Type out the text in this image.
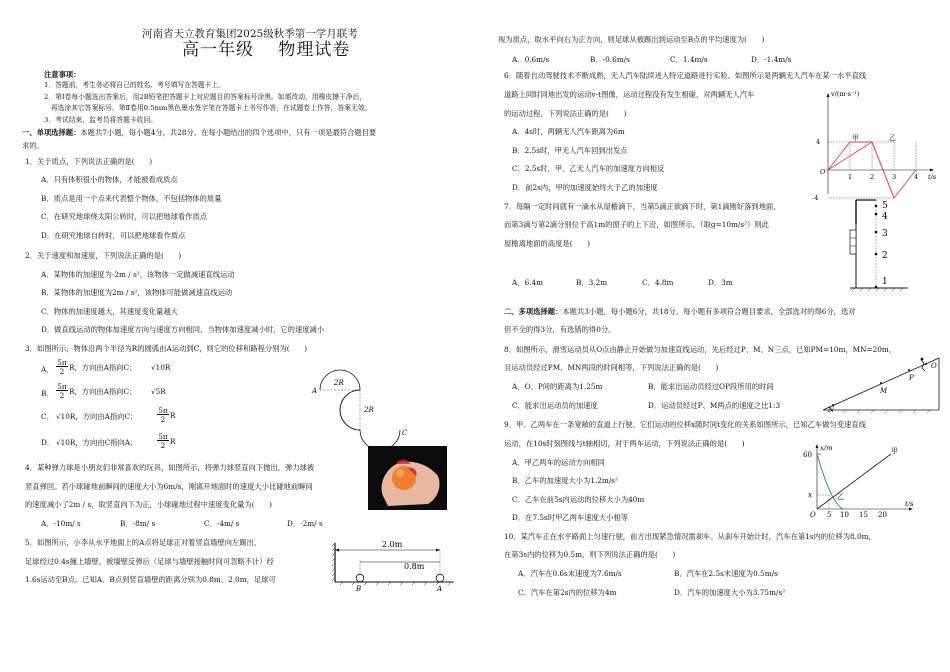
河南省天立教育集团2025级秋季第一学月联考
高一年级　 物理试卷
注意事项：
1．答题前，考生务必将自己的姓名、考号填写在答题卡上。
2．第Ⅰ卷每小题选出答案后，用2B铅笔把答题卡上对应题目的答案标号涂黑。如需改动，用橡皮擦干净后，
　再选涂其它答案标号。第Ⅱ卷用0.5mm黑色墨水签字笔在答题卡上书写作答，在试题卷上作答，答案无效。
3．考试结束，监考员将答题卡收回。
一、单项选择题：本题共7小题，每小题4分，共28分。在每小题给出的四个选项中，只有一项是最符合题目要
求的。
1．关于质点，下列说法正确的是(　　)
A．只有体积很小的物体，才能被看成质点
B．质点是用一个点来代表整个物体，不包括物体的质量
C．在研究地球绕太阳公转时，可以把地球看作质点
D．在研究地球自转时，可以把地球看作质点
2．关于速度和加速度，下列说法正确的是(　　)
A．某物体的加速度为-2m / s²，该物体一定做减速直线运动
B．某物体的加速度为2m / s²，该物体可能做减速直线运动
C．物体的加速度越大，其速度变化量越大
D．做直线运动的物体加速度方向与速度方向相同，当物体加速度减小时，它的速度减小
3．如图所示，物体沿两个半径为R的圆弧由A运动到C，则它的位移和路程分别为(　　)
A．
5π
2 R，方向由A指向C； √10R
B．
5π
2 R，方向由A指向C； √5R
C． √10R，方向由A指向C；
5π
2 R
D． √10R，方向由C指向A；
5π
2 R
2R
2R
A
C
4．某种弹力球是小朋友们非常喜欢的玩具，如图所示，将弹力球竖直向下抛出，弹力球被
竖直弹回。若小球碰地前瞬间的速度大小为6m/s，刚离开地面时的速度大小比碰地前瞬间
的速度减小了2m / s，取竖直向下为正，小球碰地过程中速度变化量为(　　)
A．-10m/ s	B．-8m/ s	C．-4m/ s	D．-2m/ s
5．如图所示，小李从水平地面上的A点将足球正对着竖直墙壁向左踢出，
足球经过0.4s撞上墙壁，被墙壁反弹后（足球与墙壁接触时间可忽略不计）经
1.6s运动至B点。已知A、B点到竖直墙壁的距离分别为0.8m、2.0m，足球可
2.0m
0.8m
B	A
视为质点，取水平向右为正方向，则足球从被踢出到运动至B点的平均速度为(　　)
A．0.6m/s	B．-0.6m/s	C．1.4m/s	D．-1.4m/s
6．随着自动驾驶技术不断成熟，无人汽车陆续进入特定道路进行实验。如图所示是两辆无人汽车在某一水平直线
道路上同时同地出发的运动v-t图像，运动过程没有发生相碰，对两辆无人汽车
的运动过程，下列说法正确的是(　　)
A．4s时，两辆无人汽车距离为6m
B．2.5s时，甲无人汽车回到出发点
C．2.5s时，甲、乙无人汽车的加速度方向相反
D．前2s内，甲的加速度始终大于乙的加速度
v/(m·s⁻¹)
t/s
O
1	2	3	4
4
-4
甲	乙
7．每隔一定时间就有一滴水从屋檐滴下，当第5滴正欲滴下时，第1滴刚好落到地面，
而第3滴与第2滴分别位于高1m的窗子的上下沿，如图所示，（取g=10m/s²）则此
屋檐离地面的高度是(　　)
A．6.4m	B．3.2m	C．4.8m	D．3m
5
4
3
2
1
二、多项选择题：本题共3小题，每小题6分，共18分。每小题有多项符合题目要求，全部选对的得6分，选对
但不全的得3分，有选错的得0分。
8．如图所示，滑雪运动员从O点由静止开始做匀加速直线运动，先后经过P、M、N三点，已知PM=10m，MN=20m，
且运动员经过PM、MN两段的时间相等，下列说法正确的是(　　)
A．O、P间的距离为1.25m	B．能求出运动员经过OP段所用的时间
C．能求出运动员的加速度	D．运动员经过P、M两点的速度之比1:3
O
P
M
N
9．甲、乙两车在一条宽敞的直道上行驶，它们运动的位移x随时间t变化的关系如图所示，已知乙车做匀变速直线
运动，在10s时刻图线与t轴相切，对于两车运动，下列说法正确的是(　　)
A．甲乙两车的运动方向相同
B．乙车的加速度大小为1.2m/s²
C．乙车在前5s内运动的位移大小为40m
D．在7.5s时甲乙两车速度大小相等
x/m
t/s
60
x
O 5 10 15 20
甲
乙
10．某汽车正在水平路面上匀速行驶，前方出现紧急情况需刹车。从刹车开始计时，汽车在第1s内的位移为8.0m，
在第3s内的位移为0.5m，则下列说法正确的是(　　)
A．汽车在0.6s末速度为7.6m/s	B．汽车在2.5s末速度为0.5m/s
C．汽车在第2s内的位移为4m	D．汽车的加速度大小为3.75m/s²
